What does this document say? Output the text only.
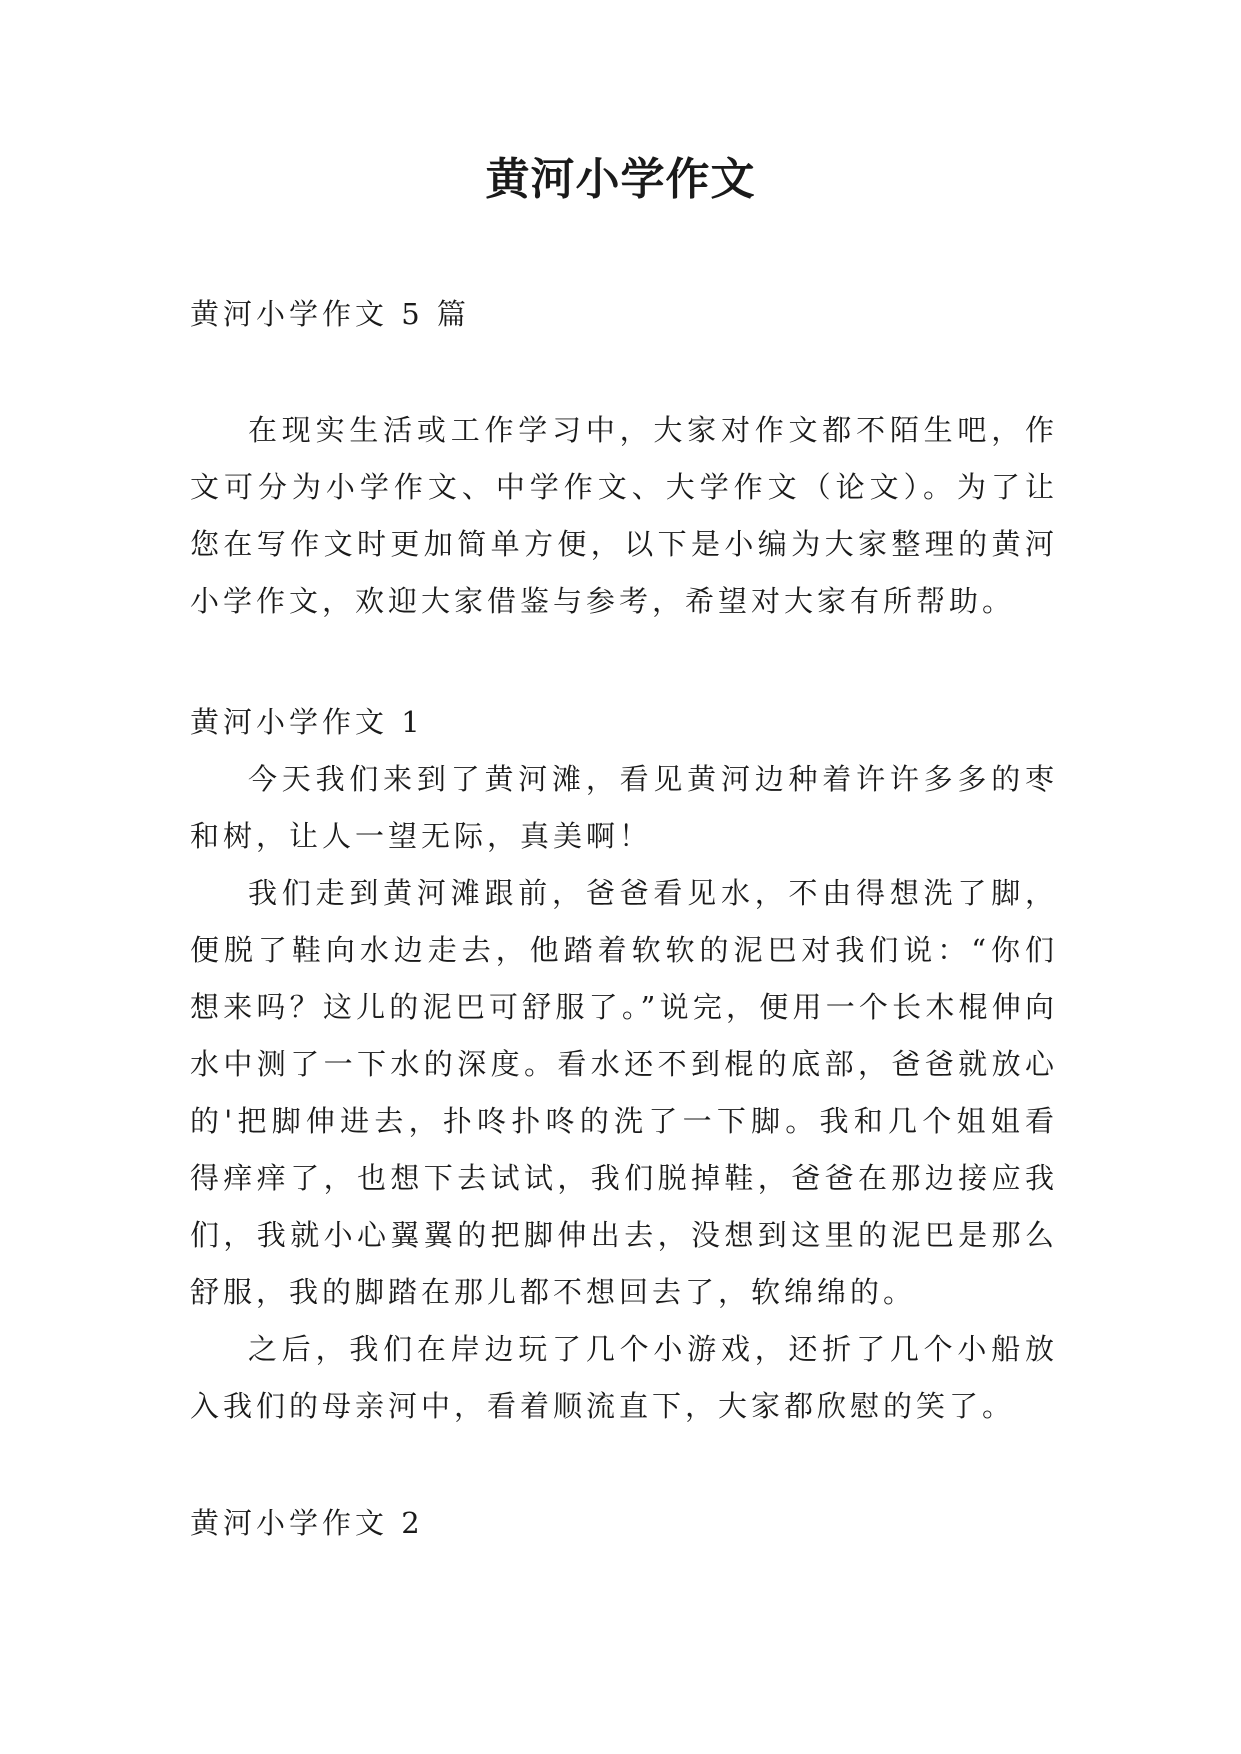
黄河小学作文

黄河小学作文 5 篇

在现实生活或工作学习中，大家对作文都不陌生吧，作文可分为小学作文、中学作文、大学作文（论文）。为了让您在写作文时更加简单方便，以下是小编为大家整理的黄河小学作文，欢迎大家借鉴与参考，希望对大家有所帮助。

黄河小学作文 1

今天我们来到了黄河滩，看见黄河边种着许许多多的枣和树，让人一望无际，真美啊！

我们走到黄河滩跟前，爸爸看见水，不由得想洗了脚，便脱了鞋向水边走去，他踏着软软的泥巴对我们说：“你们想来吗？这儿的泥巴可舒服了。”说完，便用一个长木棍伸向水中测了一下水的深度。看水还不到棍的底部，爸爸就放心的'把脚伸进去，扑咚扑咚的洗了一下脚。我和几个姐姐看得痒痒了，也想下去试试，我们脱掉鞋，爸爸在那边接应我们，我就小心翼翼的把脚伸出去，没想到这里的泥巴是那么舒服，我的脚踏在那儿都不想回去了，软绵绵的。

之后，我们在岸边玩了几个小游戏，还折了几个小船放入我们的母亲河中，看着顺流直下，大家都欣慰的笑了。

黄河小学作文 2
